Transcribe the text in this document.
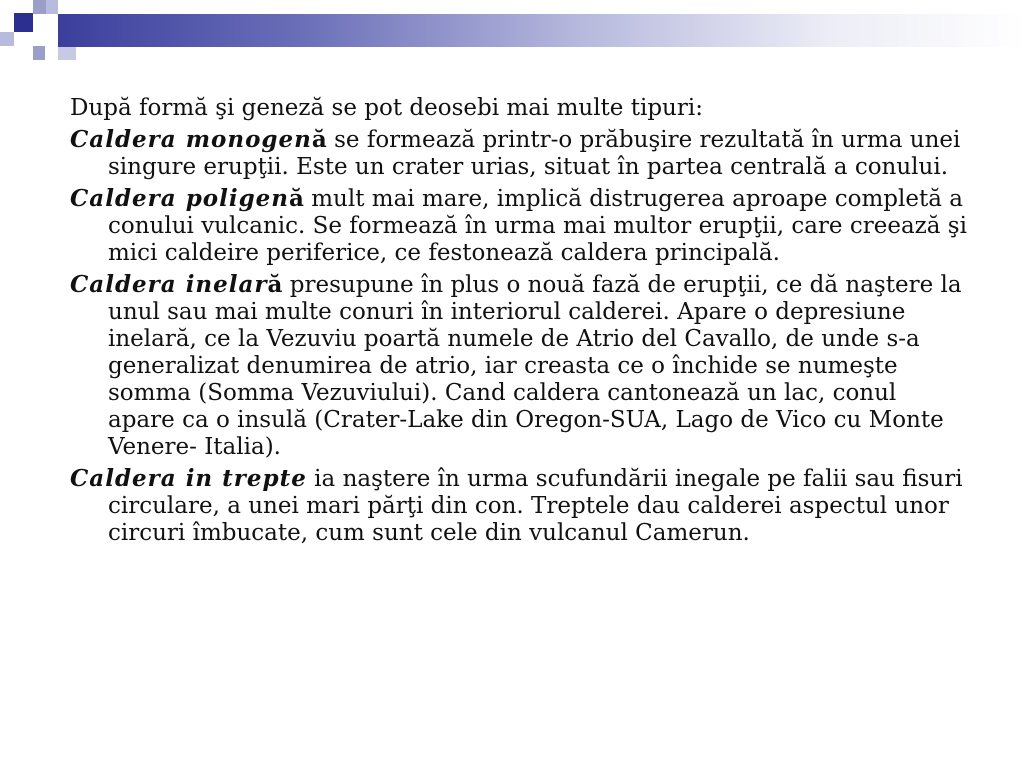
După formă şi geneză se pot deosebi mai multe tipuri:

Caldera monogenă se formează printr-o prăbuşire rezultată în urma unei singure erupţii. Este un crater urias, situat în partea centrală a conului.

Caldera poligenă mult mai mare, implică distrugerea aproape completă a conului vulcanic. Se formează în urma mai multor erupţii, care creează şi mici caldeire periferice, ce festonează caldera principală.

Caldera inelară presupune în plus o nouă fază de erupţii, ce dă naştere la unul sau mai multe conuri în interiorul calderei. Apare o depresiune inelară, ce la Vezuviu poartă numele de Atrio del Cavallo, de unde s-a generalizat denumirea de atrio, iar creasta ce o închide se numeşte somma (Somma Vezuviului). Cand caldera cantonează un lac, conul apare ca o insulă (Crater-Lake din Oregon-SUA, Lago de Vico cu Monte Venere- Italia).

Caldera in trepte ia naştere în urma scufundării inegale pe falii sau fisuri circulare, a unei mari părţi din con. Treptele dau calderei aspectul unor circuri îmbucate, cum sunt cele din vulcanul Camerun.
